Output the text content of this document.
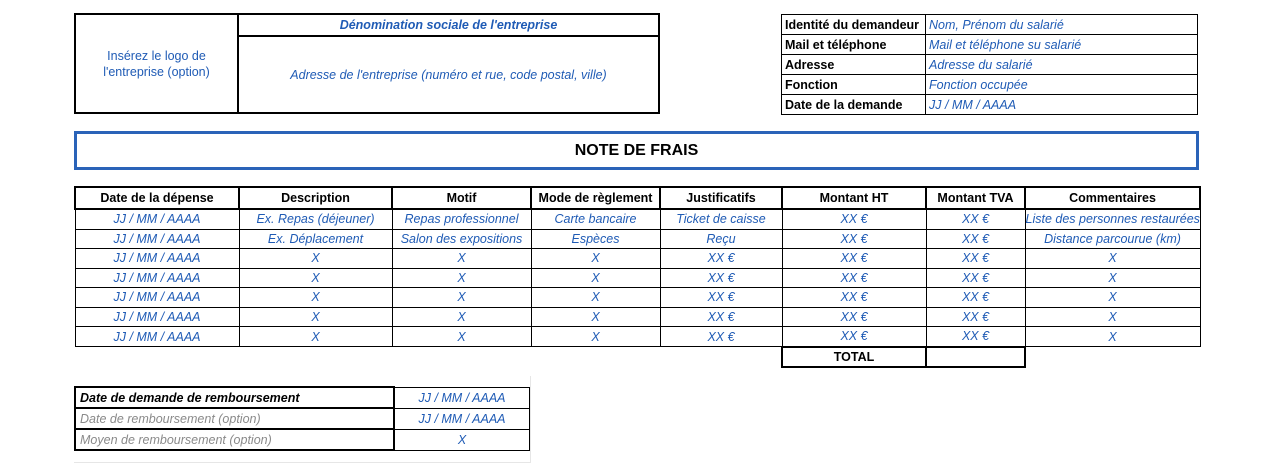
Insérez le logo de l'entreprise (option)
Dénomination sociale de l'entreprise
Adresse de l'entreprise (numéro et rue, code postal, ville)
Identité du demandeur	Nom, Prénom du salarié
Mail et téléphone	Mail et téléphone su salarié
Adresse	Adresse du salarié
Fonction	Fonction occupée
Date de la demande	JJ / MM / AAAA
NOTE DE FRAIS
Date de la dépense	Description	Motif	Mode de règlement	Justificatifs	Montant HT	Montant TVA	Commentaires
JJ / MM / AAAA	Ex. Repas (déjeuner)	Repas professionnel	Carte bancaire	Ticket de caisse	XX €	XX €	Liste des personnes restaurées
JJ / MM / AAAA	Ex. Déplacement	Salon des expositions	Espèces	Reçu	XX €	XX €	Distance parcourue (km)
JJ / MM / AAAA	X	X	X	XX €	XX €	XX €	X
JJ / MM / AAAA	X	X	X	XX €	XX €	XX €	X
JJ / MM / AAAA	X	X	X	XX €	XX €	XX €	X
JJ / MM / AAAA	X	X	X	XX €	XX €	XX €	X
JJ / MM / AAAA	X	X	X	XX €	XX €	XX €	X
					TOTAL		
Date de demande de remboursement	JJ / MM / AAAA
Date de remboursement (option)	JJ / MM / AAAA
Moyen de remboursement (option)	X
